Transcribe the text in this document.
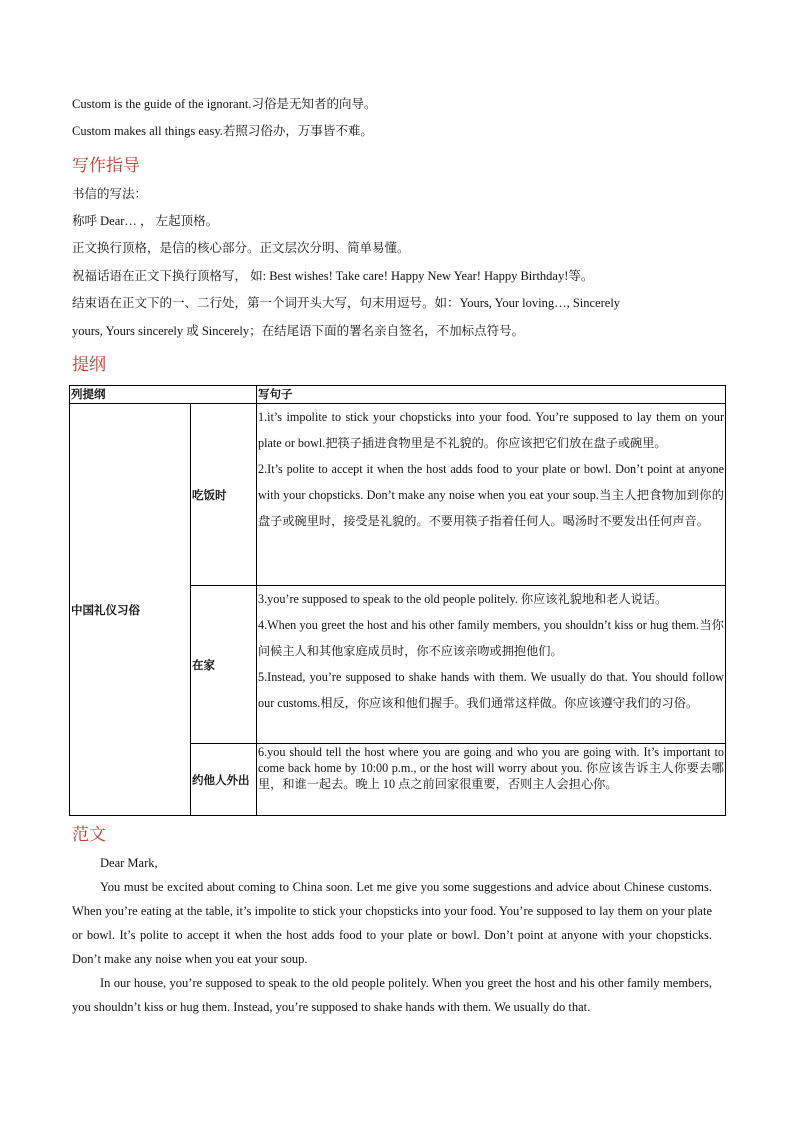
Custom is the guide of the ignorant.习俗是无知者的向导。
Custom makes all things easy.若照习俗办，万事皆不难。
写作指导
书信的写法：
称呼 Dear… ， 左起顶格。
正文换行顶格，是信的核心部分。正文层次分明、简单易懂。
祝福话语在正文下换行顶格写， 如: Best wishes! Take care! Happy New Year! Happy Birthday!等。
结束语在正文下的一、二行处，第一个词开头大写，句末用逗号。如：Yours, Your loving…, Sincerely
yours, Yours sincerely 或 Sincerely；在结尾语下面的署名亲自签名，不加标点符号。
提纲
列提纲		写句子
中国礼仪习俗	吃饭时	1.it’s impolite to stick your chopsticks into your food. You’re supposed to lay them on your plate or bowl.把筷子插进食物里是不礼貌的。你应该把它们放在盘子或碗里。
2.It’s polite to accept it when the host adds food to your plate or bowl. Don’t point at anyone with your chopsticks. Don’t make any noise when you eat your soup.当主人把食物加到你的盘子或碗里时，接受是礼貌的。不要用筷子指着任何人。喝汤时不要发出任何声音。

	在家	3.you’re supposed to speak to the old people politely. 你应该礼貌地和老人说话。
4.When you greet the host and his other family members, you shouldn’t kiss or hug them.当你问候主人和其他家庭成员时，你不应该亲吻或拥抱他们。
5.Instead, you’re supposed to shake hands with them. We usually do that. You should follow our customs.相反，你应该和他们握手。我们通常这样做。你应该遵守我们的习俗。

	约他人外出	6.you should tell the host where you are going and who you are going with. It’s important to come back home by 10:00 p.m., or the host will worry about you. 你应该告诉主人你要去哪里，和谁一起去。晚上 10 点之前回家很重要，否则主人会担心你。
范文
Dear Mark,
You must be excited about coming to China soon. Let me give you some suggestions and advice about Chinese customs. When you’re eating at the table, it’s impolite to stick your chopsticks into your food. You’re supposed to lay them on your plate or bowl. It’s polite to accept it when the host adds food to your plate or bowl. Don’t point at anyone with your chopsticks. Don’t make any noise when you eat your soup.
In our house, you’re supposed to speak to the old people politely. When you greet the host and his other family members, you shouldn’t kiss or hug them. Instead, you’re supposed to shake hands with them. We usually do that.
